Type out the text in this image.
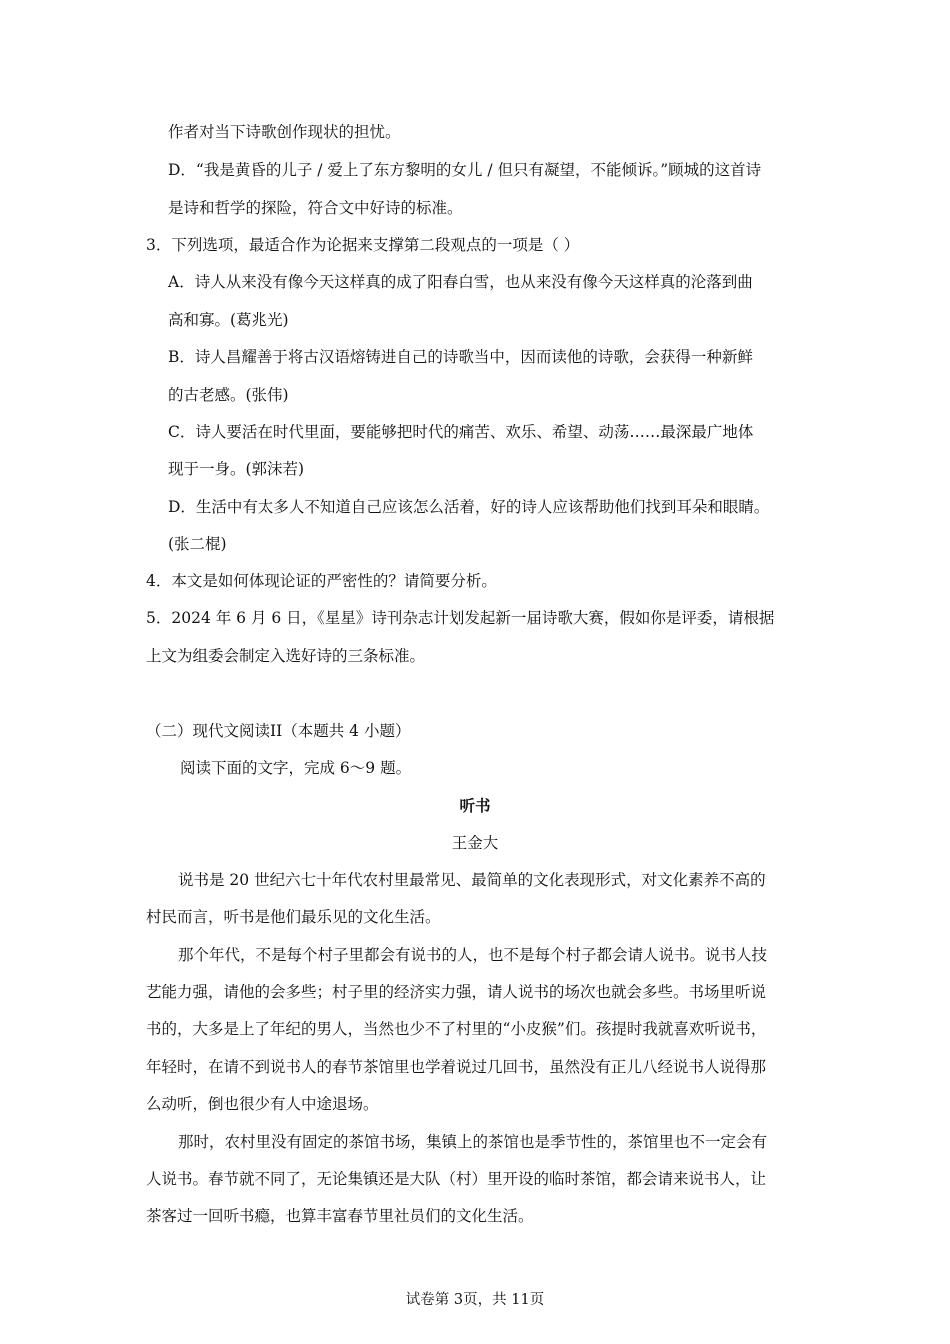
作者对当下诗歌创作现状的担忧。
D．“我是黄昏的儿子 / 爱上了东方黎明的女儿 / 但只有凝望，不能倾诉。”顾城的这首诗
是诗和哲学的探险，符合文中好诗的标准。
3．下列选项，最适合作为论据来支撑第二段观点的一项是（ ）
A．诗人从来没有像今天这样真的成了阳春白雪，也从来没有像今天这样真的沦落到曲
高和寡。(葛兆光)
B．诗人昌耀善于将古汉语熔铸进自己的诗歌当中，因而读他的诗歌，会获得一种新鲜
的古老感。(张伟)
C．诗人要活在时代里面，要能够把时代的痛苦、欢乐、希望、动荡……最深最广地体
现于一身。(郭沫若)
D．生活中有太多人不知道自己应该怎么活着，好的诗人应该帮助他们找到耳朵和眼睛。
(张二棍)
4．本文是如何体现论证的严密性的？请简要分析。
5．2024 年 6 月 6 日，《星星》诗刊杂志计划发起新一届诗歌大赛，假如你是评委，请根据
上文为组委会制定入选好诗的三条标准。
（二）现代文阅读II（本题共 4 小题）
阅读下面的文字，完成 6～9 题。
听书
王金大
说书是 20 世纪六七十年代农村里最常见、最简单的文化表现形式，对文化素养不高的
村民而言，听书是他们最乐见的文化生活。
那个年代，不是每个村子里都会有说书的人，也不是每个村子都会请人说书。说书人技
艺能力强，请他的会多些；村子里的经济实力强，请人说书的场次也就会多些。书场里听说
书的，大多是上了年纪的男人，当然也少不了村里的“小皮猴”们。孩提时我就喜欢听说书，
年轻时，在请不到说书人的春节茶馆里也学着说过几回书，虽然没有正儿八经说书人说得那
么动听，倒也很少有人中途退场。
那时，农村里没有固定的茶馆书场，集镇上的茶馆也是季节性的，茶馆里也不一定会有
人说书。春节就不同了，无论集镇还是大队（村）里开设的临时茶馆，都会请来说书人，让
茶客过一回听书瘾，也算丰富春节里社员们的文化生活。
试卷第 3页，共 11页
